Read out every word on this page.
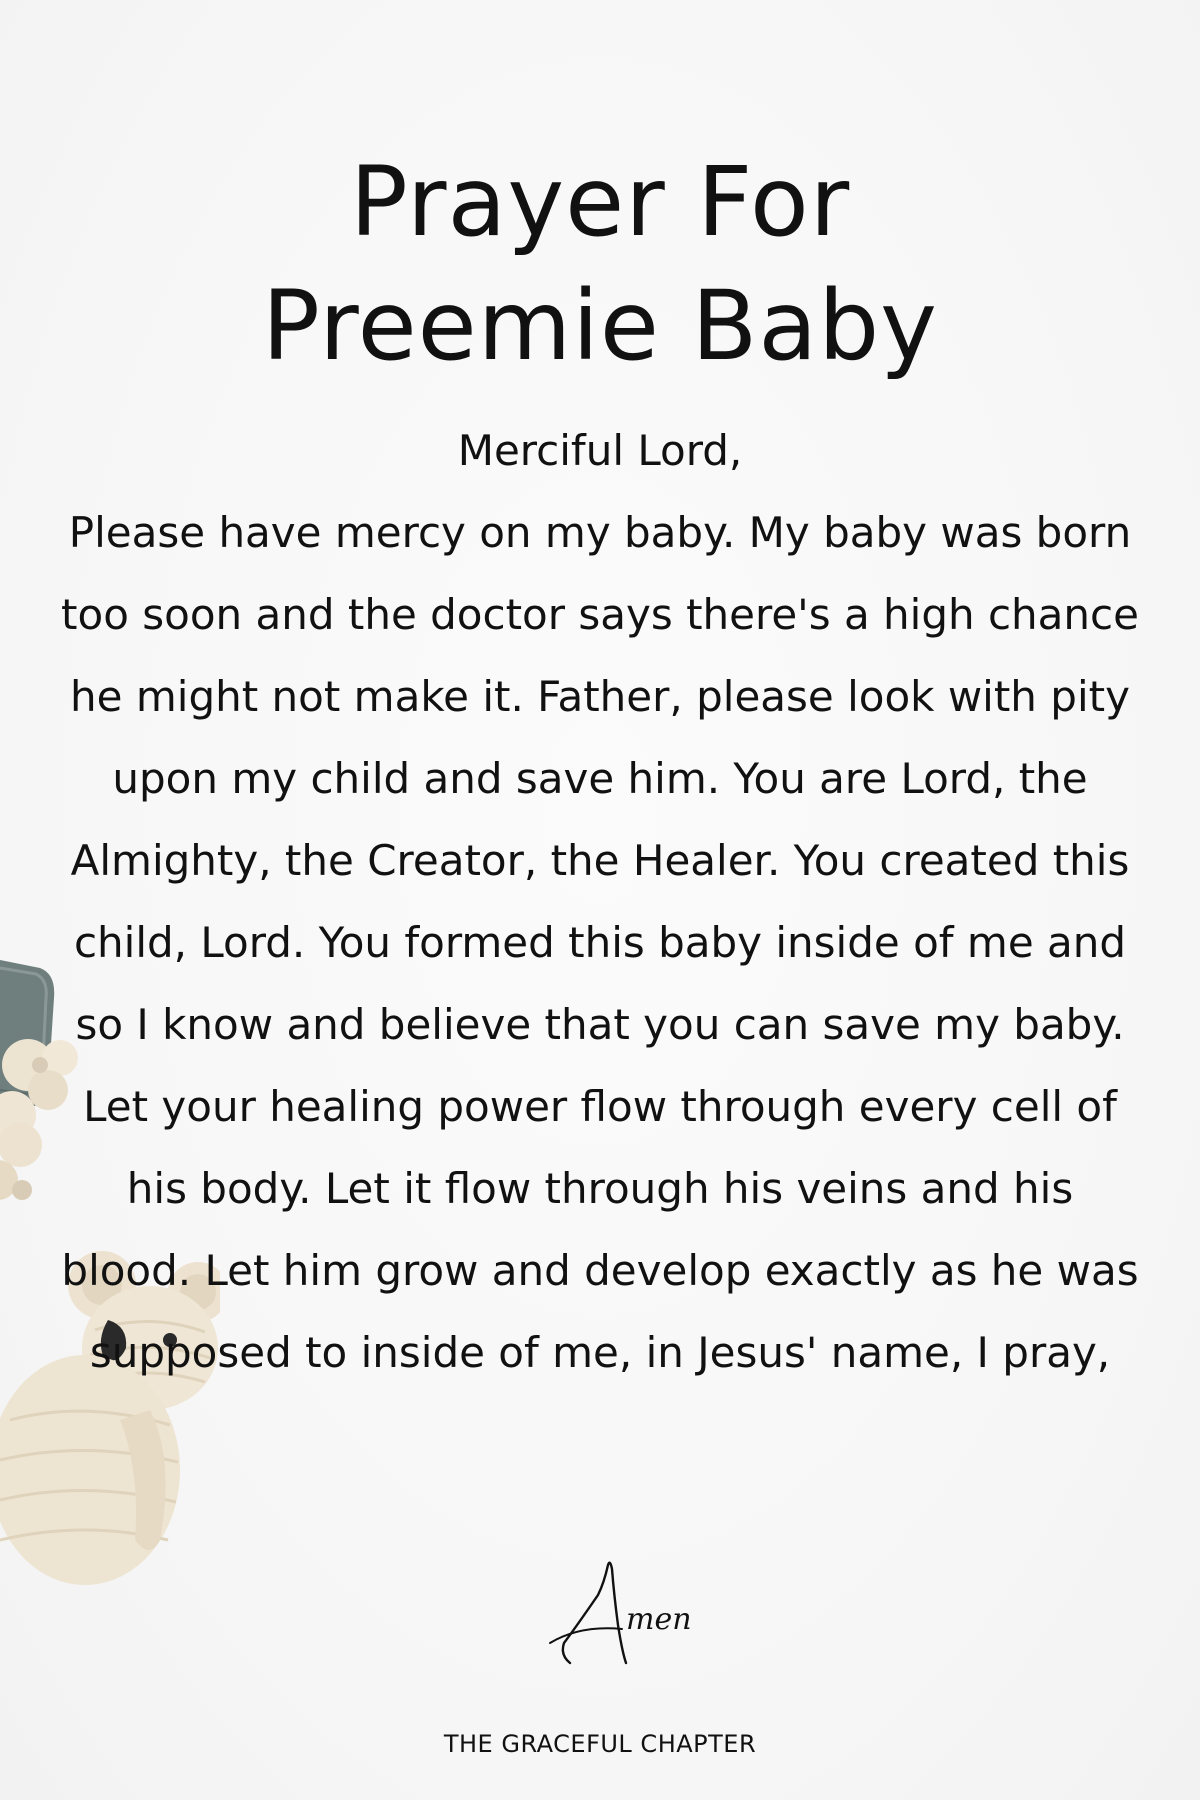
Prayer For
Preemie Baby

Merciful Lord,
Please have mercy on my baby. My baby was born too soon and the doctor says there's a high chance he might not make it. Father, please look with pity upon my child and save him. You are Lord, the Almighty, the Creator, the Healer. You created this child, Lord. You formed this baby inside of me and so I know and believe that you can save my baby. Let your healing power flow through every cell of his body. Let it flow through his veins and his blood. Let him grow and develop exactly as he was supposed to inside of me, in Jesus' name, I pray,

men

THE GRACEFUL CHAPTER
